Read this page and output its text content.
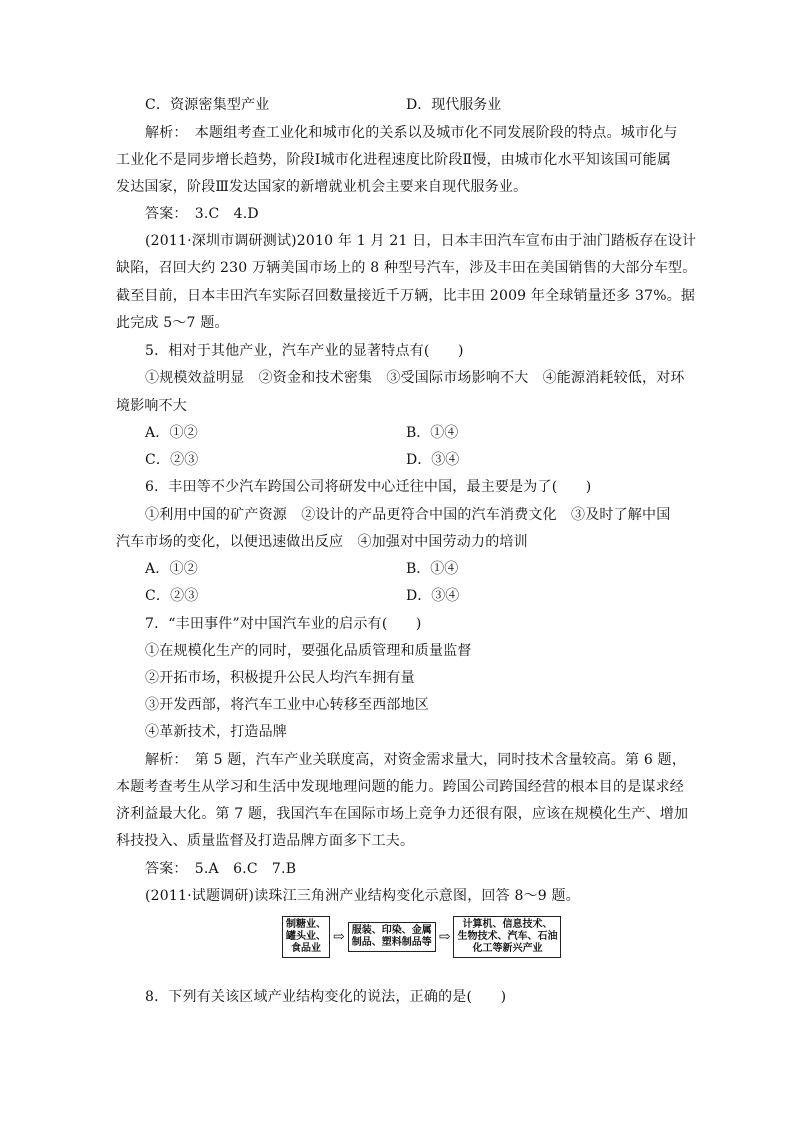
C．资源密集型产业	D．现代服务业
解析：　本题组考查工业化和城市化的关系以及城市化不同发展阶段的特点。城市化与
工业化不是同步增长趋势，阶段Ⅰ城市化进程速度比阶段Ⅱ慢，由城市化水平知该国可能属
发达国家，阶段Ⅲ发达国家的新增就业机会主要来自现代服务业。
答案：　3.C　4.D
(2011·深圳市调研测试)2010 年 1 月 21 日，日本丰田汽车宣布由于油门踏板存在设计
缺陷，召回大约 230 万辆美国市场上的 8 种型号汽车，涉及丰田在美国销售的大部分车型。
截至目前，日本丰田汽车实际召回数量接近千万辆，比丰田 2009 年全球销量还多 37%。据
此完成 5～7 题。
5．相对于其他产业，汽车产业的显著特点有(　　)
①规模效益明显　②资金和技术密集　③受国际市场影响不大　④能源消耗较低，对环
境影响不大
A．①②	B．①④
C．②③	D．③④
6．丰田等不少汽车跨国公司将研发中心迁往中国，最主要是为了(　　)
①利用中国的矿产资源　②设计的产品更符合中国的汽车消费文化　③及时了解中国
汽车市场的变化，以便迅速做出反应　④加强对中国劳动力的培训
A．①②	B．①④
C．②③	D．③④
7．“丰田事件”对中国汽车业的启示有(　　)
①在规模化生产的同时，要强化品质管理和质量监督
②开拓市场，积极提升公民人均汽车拥有量
③开发西部，将汽车工业中心转移至西部地区
④革新技术，打造品牌
解析：　第 5 题，汽车产业关联度高，对资金需求量大，同时技术含量较高。第 6 题，
本题考查考生从学习和生活中发现地理问题的能力。跨国公司跨国经营的根本目的是谋求经
济利益最大化。第 7 题，我国汽车在国际市场上竞争力还很有限，应该在规模化生产、增加
科技投入、质量监督及打造品牌方面多下工夫。
答案：　5.A　6.C　7.B
(2011·试题调研)读珠江三角洲产业结构变化示意图，回答 8～9 题。
制糖业、
罐头业、
食品业
⇨ 服装、印染、金属
制品、塑料制品等 ⇨
计算机、信息技术、
生物技术、汽车、石油
化工等新兴产业
8．下列有关该区域产业结构变化的说法，正确的是(　　)
